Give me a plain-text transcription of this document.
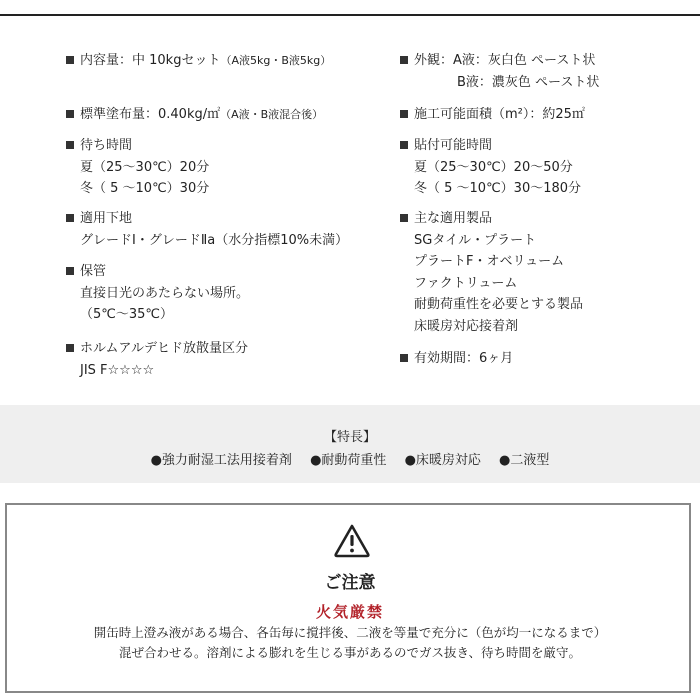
内容量：中 10kgセット（A液5kg・B液5kg）
標準塗布量：0.40kg/㎡（A液・B液混合後）
待ち時間
夏（25～30℃）20分
冬（ 5 ～10℃）30分
適用下地
グレードⅠ・グレードⅡa（水分指標10%未満）
保管
直接日光のあたらない場所。
（5℃～35℃）
ホルムアルデヒド放散量区分
JIS F☆☆☆☆
外観：A液：灰白色 ペースト状
B液：濃灰色 ペースト状
施工可能面積（m²）：約25㎡
貼付可能時間
夏（25～30℃）20～50分
冬（ 5 ～10℃）30～180分
主な適用製品
SGタイル・プラート
プラートF・オベリューム
ファクトリューム
耐動荷重性を必要とする製品
床暖房対応接着剤
有効期間：6ヶ月
【特長】
●強力耐湿工法用接着剤 ●耐動荷重性 ●床暖房対応 ●二液型
ご注意
火気厳禁
開缶時上澄み液がある場合、各缶毎に撹拌後、二液を等量で充分に（色が均一になるまで）
混ぜ合わせる。溶剤による膨れを生じる事があるのでガス抜き、待ち時間を厳守。
